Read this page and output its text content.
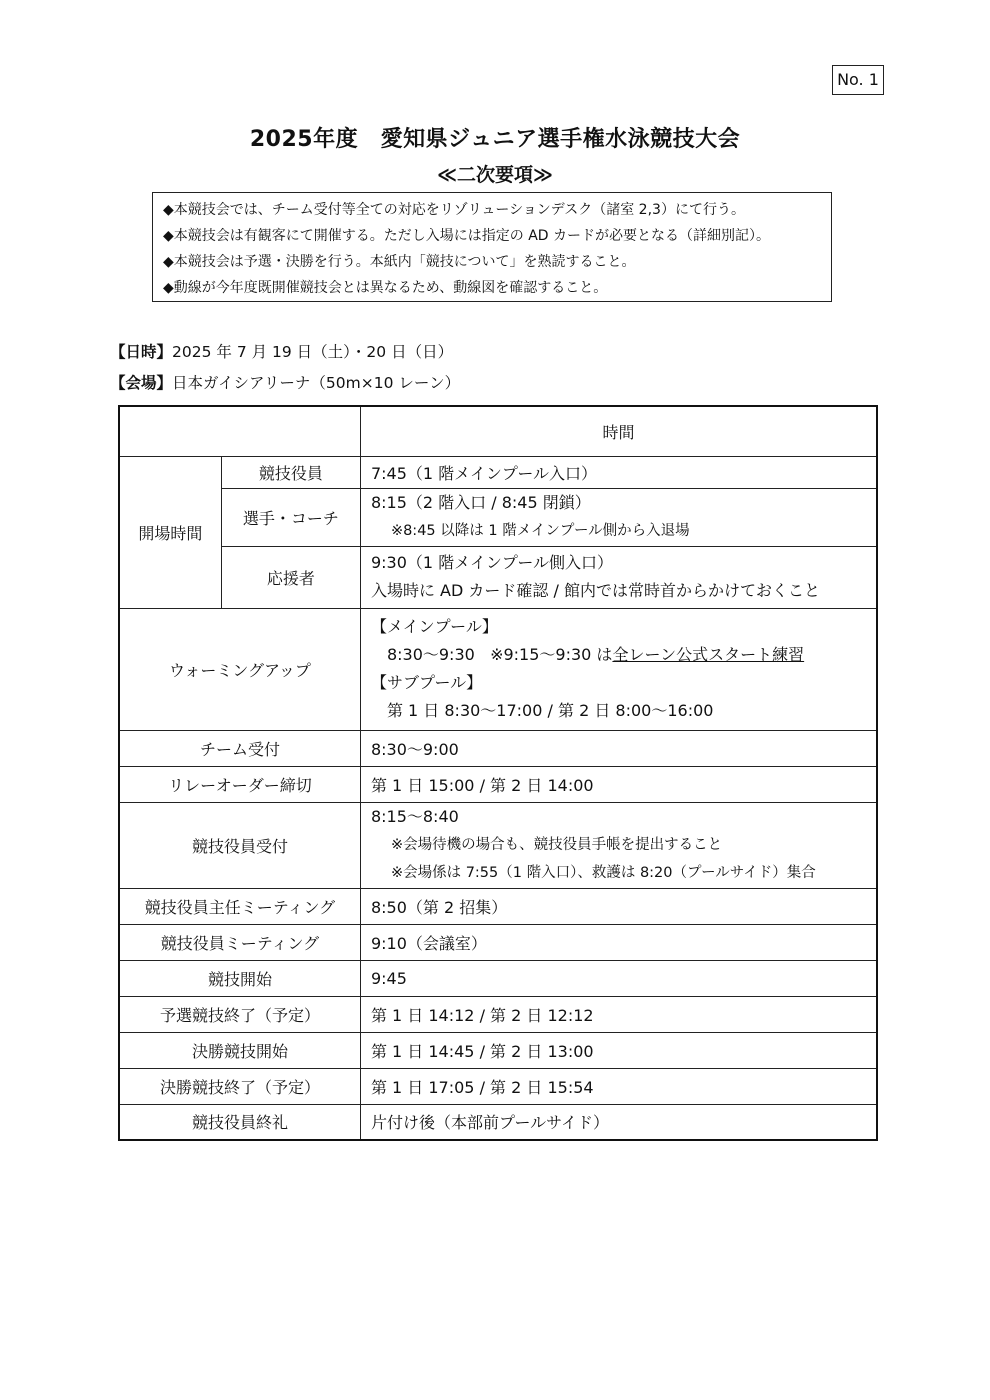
No. 1
2025年度　愛知県ジュニア選手権水泳競技大会
≪二次要項≫
◆本競技会では、チーム受付等全ての対応をリゾリューションデスク（諸室 2,3）にて行う。
◆本競技会は有観客にて開催する。ただし入場には指定の AD カードが必要となる（詳細別記）。
◆本競技会は予選・決勝を行う。本紙内「競技について」を熟読すること。
◆動線が今年度既開催競技会とは異なるため、動線図を確認すること。
【日時】2025 年 7 月 19 日（土）・20 日（日）
【会場】日本ガイシアリーナ（50m×10 レーン）
		時間
開場時間	競技役員	7:45（1 階メインプール入口）
	選手・コーチ	8:15（2 階入口 / 8:45 閉鎖）
※8:45 以降は 1 階メインプール側から入退場

	応援者	9:30（1 階メインプール側入口）
入場時に AD カード確認 / 館内では常時首からかけておくこと

ウォーミングアップ		【メインプール】
8:30〜9:30 ※9:15〜9:30 は全レーン公式スタート練習
【サブプール】
第 1 日 8:30〜17:00 / 第 2 日 8:00〜16:00

チーム受付		8:30〜9:00
リレーオーダー締切		第 1 日 15:00 / 第 2 日 14:00
競技役員受付		8:15〜8:40
※会場待機の場合も、競技役員手帳を提出すること
※会場係は 7:55（1 階入口）、救護は 8:20（プールサイド）集合

競技役員主任ミーティング		8:50（第 2 招集）
競技役員ミーティング		9:10（会議室）
競技開始		9:45
予選競技終了（予定）		第 1 日 14:12 / 第 2 日 12:12
決勝競技開始		第 1 日 14:45 / 第 2 日 13:00
決勝競技終了（予定）		第 1 日 17:05 / 第 2 日 15:54
競技役員終礼		片付け後（本部前プールサイド）
